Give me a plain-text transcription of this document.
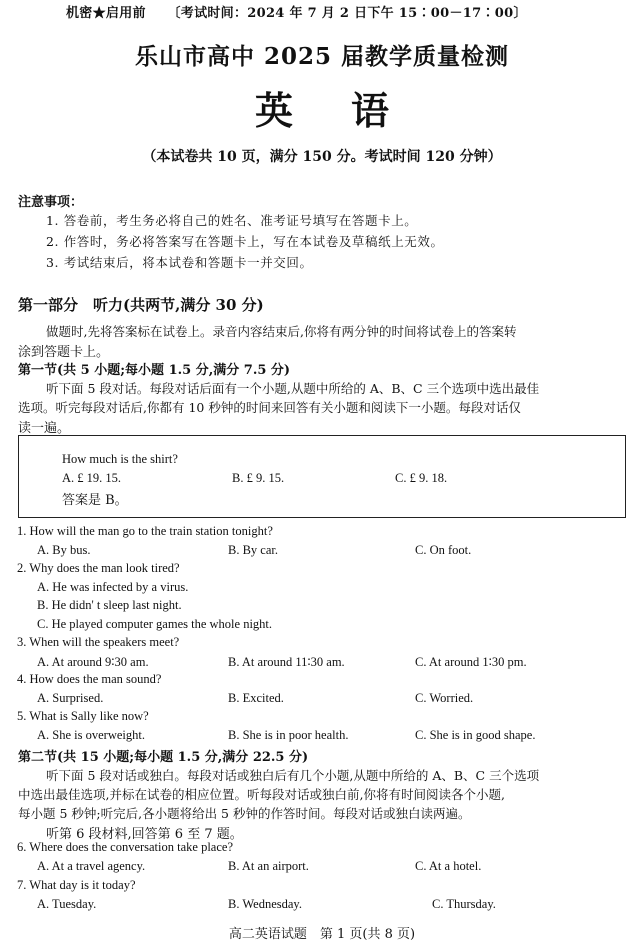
机密★启用前 〔考试时间：2024 年 7 月 2 日下午 15∶00－17∶00〕
乐山市高中 2025 届教学质量检测
英语
（本试卷共 10 页，满分 150 分。考试时间 120 分钟）
注意事项：
1. 答卷前，考生务必将自己的姓名、准考证号填写在答题卡上。
2. 作答时，务必将答案写在答题卡上，写在本试卷及草稿纸上无效。
3. 考试结束后，将本试卷和答题卡一并交回。
第一部分　听力(共两节,满分 30 分)
做题时,先将答案标在试卷上。录音内容结束后,你将有两分钟的时间将试卷上的答案转
涂到答题卡上。
第一节(共 5 小题;每小题 1.5 分,满分 7.5 分)
听下面 5 段对话。每段对话后面有一个小题,从题中所给的 A、B、C 三个选项中选出最佳
选项。听完每段对话后,你都有 10 秒钟的时间来回答有关小题和阅读下一小题。每段对话仅
读一遍。
How much is the shirt?
A. £ 19. 15.	B. £ 9. 15.	C. £ 9. 18.
答案是 B。
1. How will the man go to the train station tonight?
A. By bus.	B. By car.	C. On foot.
2. Why does the man look tired?
A. He was infected by a virus.
B. He didn' t sleep last night.
C. He played computer games the whole night.
3. When will the speakers meet?
A. At around 9∶30 am.	B. At around 11∶30 am.	C. At around 1∶30 pm.
4. How does the man sound?
A. Surprised.	B. Excited.	C. Worried.
5. What is Sally like now?
A. She is overweight.	B. She is in poor health.	C. She is in good shape.
第二节(共 15 小题;每小题 1.5 分,满分 22.5 分)
听下面 5 段对话或独白。每段对话或独白后有几个小题,从题中所给的 A、B、C 三个选项
中选出最佳选项,并标在试卷的相应位置。听每段对话或独白前,你将有时间阅读各个小题,
每小题 5 秒钟;听完后,各小题将给出 5 秒钟的作答时间。每段对话或独白读两遍。
听第 6 段材料,回答第 6 至 7 题。
6. Where does the conversation take place?
A. At a travel agency.	B. At an airport.	C. At a hotel.
7. What day is it today?
A. Tuesday.	B. Wednesday.	C. Thursday.
高二英语试题　第 1 页(共 8 页)
